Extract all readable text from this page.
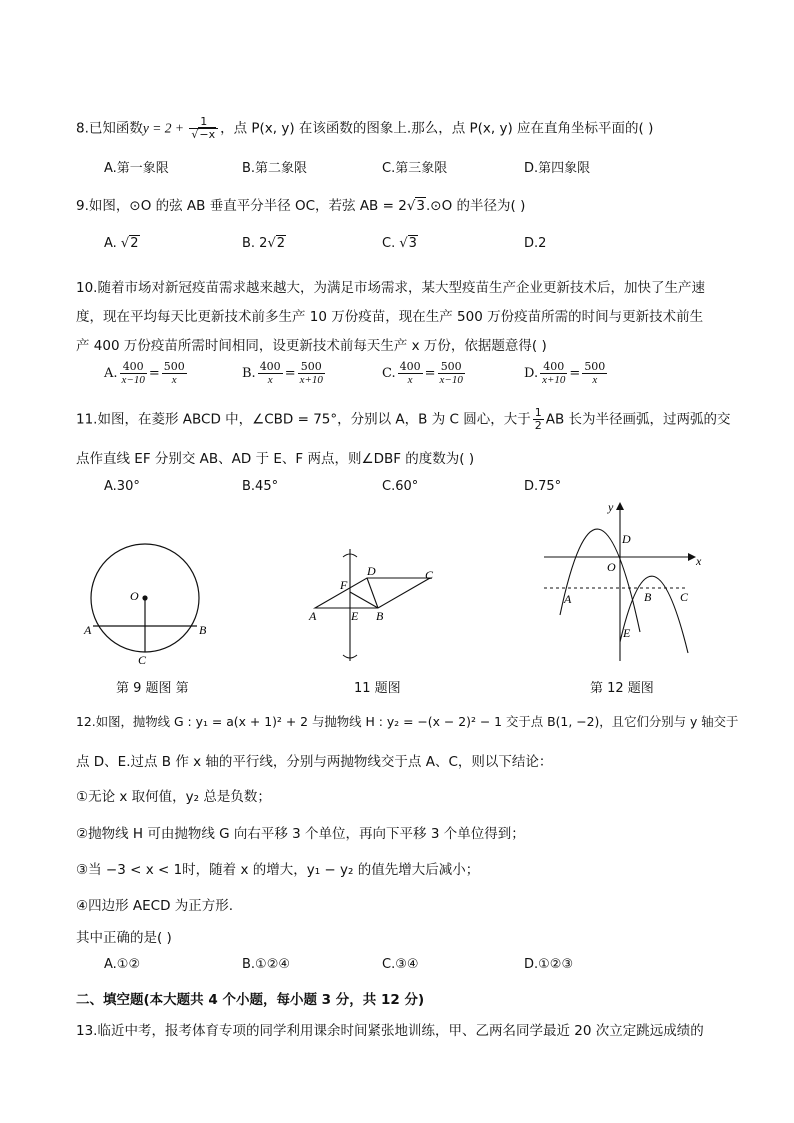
8.已知函数$y = 2 + \frac{1}{√-x}$ ，点 P(x, y) 在该函数的图象上.那么，点 P(x, y) 应在直角坐标平面的( )
A.第一象限	B.第二象限	C.第三象限	D.第四象限
9.如图，⊙O 的弦 AB 垂直平分半径 OC，若弦 AB = 2√3.⊙O 的半径为( )
A. √2	B. 2√2	C. √3	D.2
10.随着市场对新冠疫苗需求越来越大，为满足市场需求，某大型疫苗生产企业更新技术后，加快了生产速
度，现在平均每天比更新技术前多生产 10 万份疫苗，现在生产 500 万份疫苗所需的时间与更新技术前生
产 400 万份疫苗所需时间相同，设更新技术前每天生产 x 万份，依据题意得( )
A. $\frac{400}{x-10} = \frac{500}{x}$	B. $\frac{400}{x} = \frac{500}{x+10}$	C. $\frac{400}{x} = \frac{500}{x-10}$	D. $\frac{400}{x+10} = \frac{500}{x}$
11.如图，在菱形 ABCD 中，∠CBD = 75°，分别以 A，B 为 C 圆心，大于 $\frac{1}{2}$ AB 长为半径画弧，过两弧的交
点作直线 EF 分别交 AB、AD 于 E、F 两点，则∠DBF 的度数为( )
A.30°	B.45°	C.60°	D.75°
O
A	B
C
F
D	C
A	E B
y
x
D
O
A	B C
E
第 9 题图 第	11 题图	第 12 题图
12.如图，抛物线 G : y₁ = a(x + 1)² + 2 与抛物线 H : y₂ = −(x − 2)² − 1 交于点 B(1, −2)，且它们分别与 y 轴交于
点 D、E.过点 B 作 x 轴的平行线，分别与两抛物线交于点 A、C，则以下结论：
①无论 x 取何值，y₂ 总是负数；
②抛物线 H 可由抛物线 G 向右平移 3 个单位，再向下平移 3 个单位得到；
③当 −3 < x < 1时，随着 x 的增大，y₁ − y₂ 的值先增大后减小；
④四边形 AECD 为正方形.
其中正确的是( )
A.①②	B.①②④	C.③④	D.①②③
二、填空题(本大题共 4 个小题，每小题 3 分，共 12 分)
13.临近中考，报考体育专项的同学利用课余时间紧张地训练，甲、乙两名同学最近 20 次立定跳远成绩的
